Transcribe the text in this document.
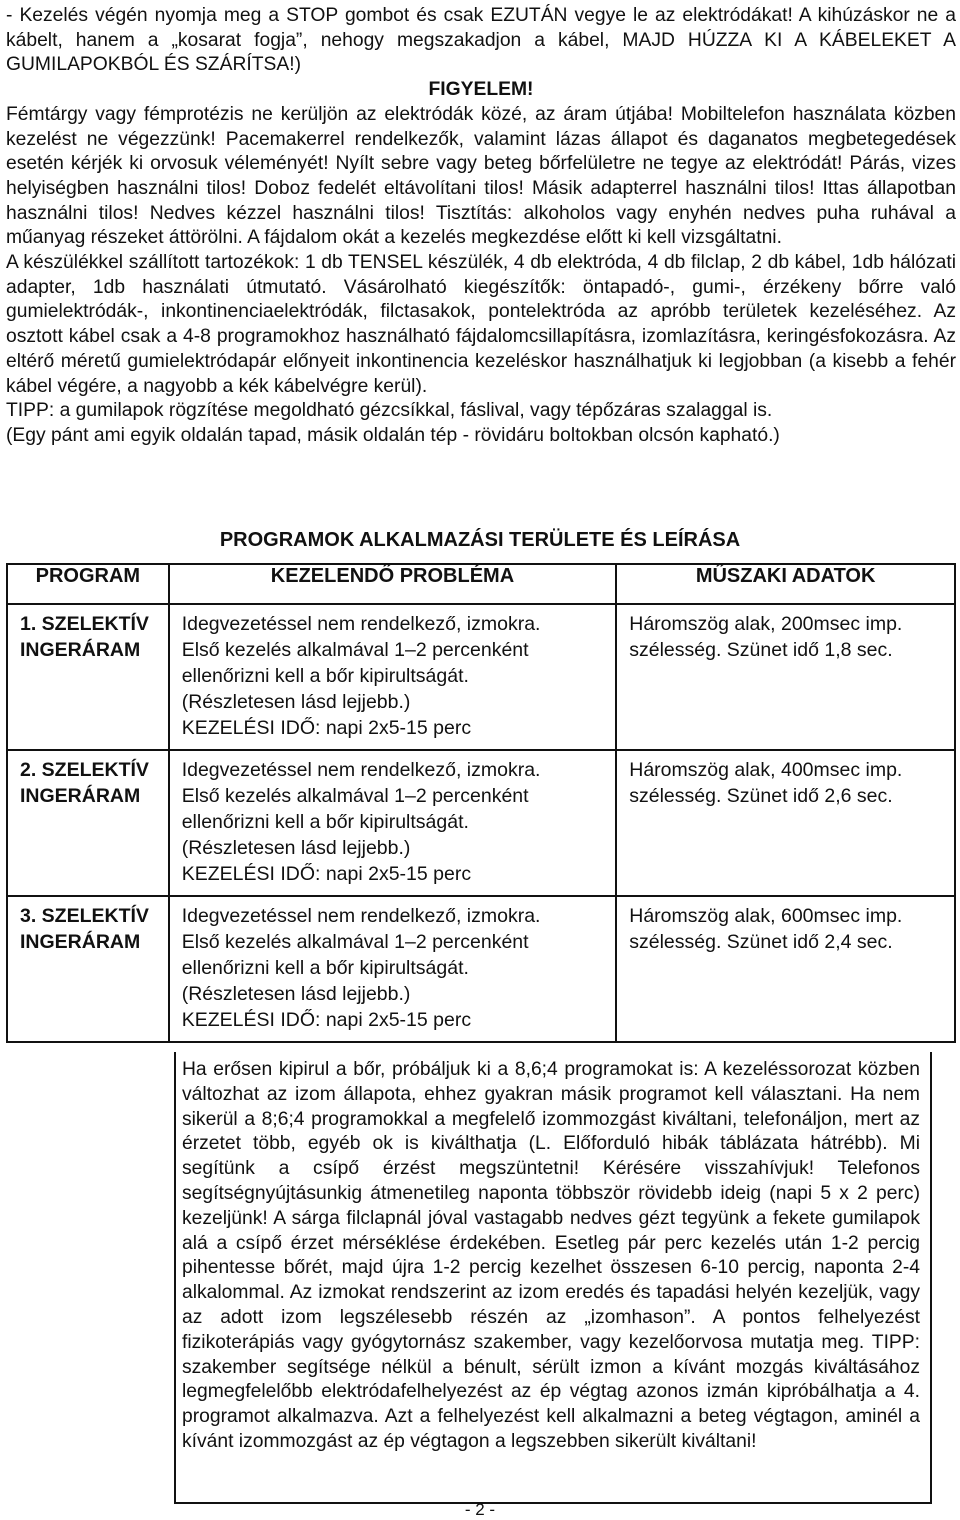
- Kezelés végén nyomja meg a STOP gombot és csak EZUTÁN vegye le az elektródákat! A kihúzáskor ne a kábelt, hanem a „kosarat fogja”, nehogy megszakadjon a kábel, MAJD HÚZZA KI A KÁBELEKET A GUMILAPOKBÓL ÉS SZÁRÍTSA!)

FIGYELEM!

Fémtárgy vagy fémprotézis ne kerüljön az elektródák közé, az áram útjába! Mobiltelefon használata közben kezelést ne végezzünk! Pacemakerrel rendelkezők, valamint lázas állapot és daganatos megbetegedések esetén kérjék ki orvosuk véleményét! Nyílt sebre vagy beteg bőrfelületre ne tegye az elektródát! Párás, vizes helyiségben használni tilos! Doboz fedelét eltávolítani tilos! Másik adapterrel használni tilos! Ittas állapotban használni tilos! Nedves kézzel használni tilos! Tisztítás: alkoholos vagy enyhén nedves puha ruhával a műanyag részeket áttörölni. A fájdalom okát a kezelés megkezdése előtt ki kell vizsgáltatni.

A készülékkel szállított tartozékok: 1 db TENSEL készülék, 4 db elektróda, 4 db filclap, 2 db kábel, 1db hálózati adapter, 1db használati útmutató. Vásárolható kiegészítők: öntapadó-, gumi-, érzékeny bőrre való gumielektródák-, inkontinenciaelektródák, filctasakok, pontelektróda az apróbb területek kezeléséhez. Az osztott kábel csak a 4-8 programokhoz használható fájdalomcsillapításra, izomlazításra, keringésfokozásra. Az eltérő méretű gumielektródapár előnyeit inkontinencia kezeléskor használhatjuk ki legjobban (a kisebb a fehér kábel végére, a nagyobb a kék kábelvégre kerül).

TIPP: a gumilapok rögzítése megoldható gézcsíkkal, fáslival, vagy tépőzáras szalaggal is.

(Egy pánt ami egyik oldalán tapad, másik oldalán tép - rövidáru boltokban olcsón kapható.)

PROGRAMOK ALKALMAZÁSI TERÜLETE ÉS LEÍRÁSA
PROGRAM	KEZELENDŐ PROBLÉMA	MŰSZAKI ADATOK

1. SZELEKTÍV
INGERÁRAM	Idegvezetéssel nem rendelkező, izmokra.
Első kezelés alkalmával 1–2 percenként
ellenőrizni kell a bőr kipirultságát.
(Részletesen lásd lejjebb.)
KEZELÉSI IDŐ: napi 2x5-15 perc	Háromszög alak, 200msec imp.
szélesség. Szünet idő 1,8 sec.

2. SZELEKTÍV
INGERÁRAM	Idegvezetéssel nem rendelkező, izmokra.
Első kezelés alkalmával 1–2 percenként
ellenőrizni kell a bőr kipirultságát.
(Részletesen lásd lejjebb.)
KEZELÉSI IDŐ: napi 2x5-15 perc	Háromszög alak, 400msec imp.
szélesség. Szünet idő 2,6 sec.

3. SZELEKTÍV
INGERÁRAM	Idegvezetéssel nem rendelkező, izmokra.
Első kezelés alkalmával 1–2 percenként
ellenőrizni kell a bőr kipirultságát.
(Részletesen lásd lejjebb.)
KEZELÉSI IDŐ: napi 2x5-15 perc	Háromszög alak, 600msec imp.
szélesség. Szünet idő 2,4 sec.
Ha erősen kipirul a bőr, próbáljuk ki a 8,6;4 programokat is: A kezeléssorozat közben változhat az izom állapota, ehhez gyakran másik programot kell választani. Ha nem sikerül a 8;6;4 programokkal a megfelelő izommozgást kiváltani, telefonáljon, mert az érzetet több, egyéb ok is kiválthatja (L. Előforduló hibák táblázata hátrébb). Mi segítünk a csípő érzést megszüntetni! Kérésére visszahívjuk! Telefonos segítségnyújtásunkig átmenetileg naponta többször rövidebb ideig (napi 5 x 2 perc) kezeljünk! A sárga filclapnál jóval vastagabb nedves gézt tegyünk a fekete gumilapok alá a csípő érzet mérséklése érdekében. Esetleg pár perc kezelés után 1-2 percig pihentesse bőrét, majd újra 1-2 percig kezelhet összesen 6-10 percig, naponta 2-4 alkalommal. Az izmokat rendszerint az izom eredés és tapadási helyén kezeljük, vagy az adott izom legszélesebb részén az „izomhason”. A pontos felhelyezést fizikoterápiás vagy gyógytornász szakember, vagy kezelőorvosa mutatja meg. TIPP: szakember segítsége nélkül a bénult, sérült izmon a kívánt mozgás kiváltásához legmegfelelőbb elektródafelhelyezést az ép végtag azonos izmán kipróbálhatja a 4. programot alkalmazva. Azt a felhelyezést kell alkalmazni a beteg végtagon, aminél a kívánt izommozgást az ép végtagon a legszebben sikerült kiváltani!
- 2 -
